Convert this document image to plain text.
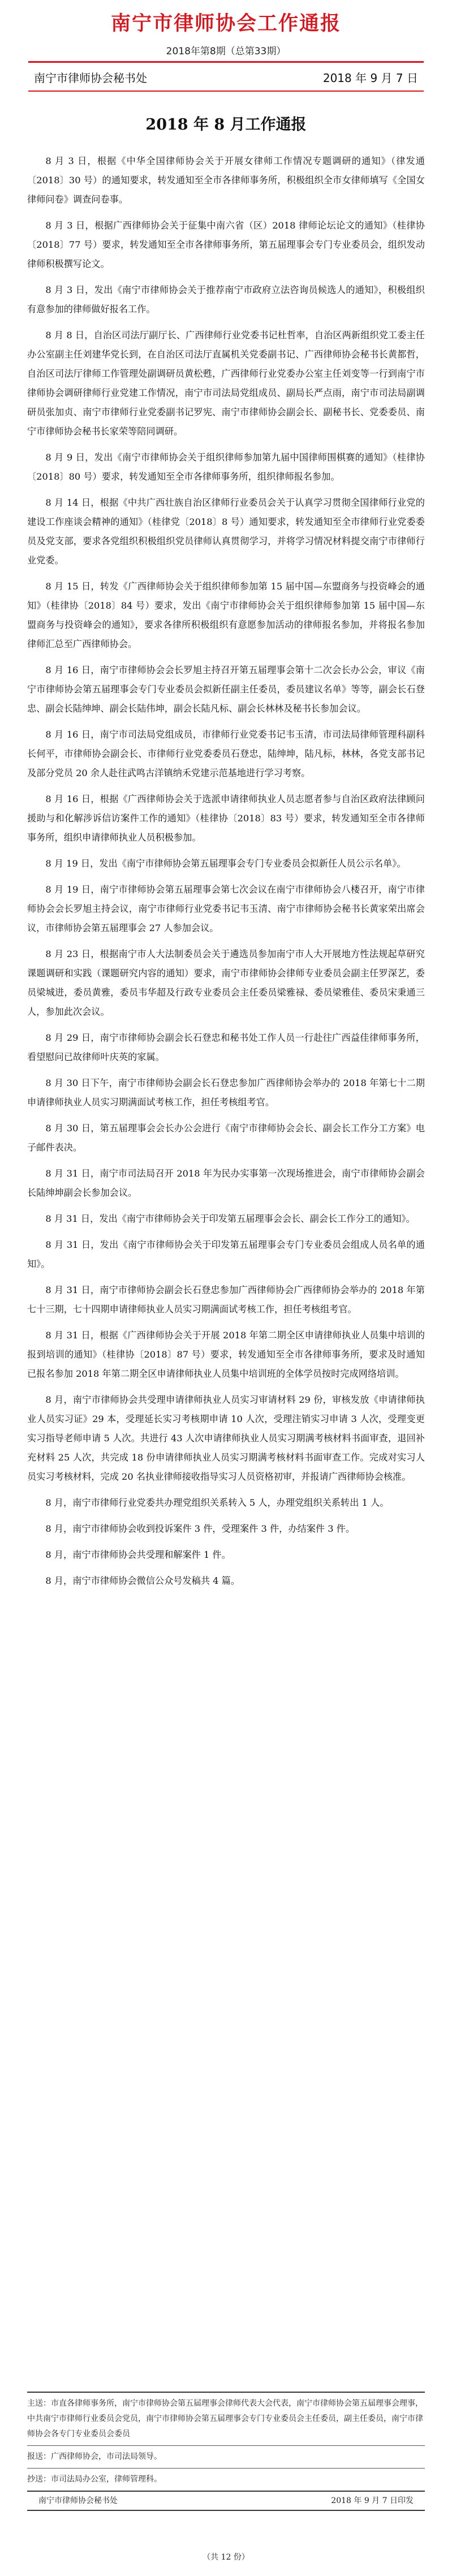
南宁市律师协会工作通报
2018年第8期（总第33期）
南宁市律师协会秘书处	2018 年 9 月 7 日
2018 年 8 月工作通报

8 月 3 日，根据《中华全国律师协会关于开展女律师工作情况专题调研的通知》（律发通〔2018〕30 号）的通知要求，转发通知至全市各律师事务所，积极组织全市女律师填写《全国女律师问卷》调查问卷事。

8 月 3 日，根据广西律师协会关于征集中南六省（区）2018 律师论坛论文的通知》（桂律协〔2018〕77 号）要求，转发通知至全市各律师事务所，第五届理事会专门专业委员会，组织发动律师积极撰写论文。

8 月 3 日，发出《南宁市律师协会关于推荐南宁市政府立法咨询员候选人的通知》，积极组织有意参加的律师做好报名工作。

8 月 8 日，自治区司法厅副厅长、广西律师行业党委书记杜哲率，自治区两新组织党工委主任办公室副主任刘建华党长到，在自治区司法厅直属机关党委副书记、广西律师协会秘书长黄都哲，自治区司法厅律师工作管理处副调研员黄松甦，广西律师行业党委办公室主任刘变等一行到南宁市律师协会调研律师行业党建工作情况，南宁市司法局党组成员、副局长严点雨，南宁市司法局副调研员张加贞、南宁市律师行业党委副书记罗宪、南宁市律师协会副会长、副秘书长、党委委员、南宁市律师协会秘书长家荣等陪同调研。

8 月 9 日，发出《南宁市律师协会关于组织律师参加第九届中国律师围棋赛的通知》（桂律协〔2018〕80 号）要求，转发通知至全市各律师事务所，组织律师报名参加。

8 月 14 日，根据《中共广西壮族自治区律师行业委员会关于认真学习贯彻全国律师行业党的建设工作座谈会精神的通知》（桂律党〔2018〕8 号）通知要求，转发通知至全市律师行业党委委员及党支部，要求各党组织积极组织党员律师认真贯彻学习，并将学习情况材料提交南宁市律师行业党委。

8 月 15 日，转发《广西律师协会关于组织律师参加第 15 届中国—东盟商务与投资峰会的通知》（桂律协〔2018〕84 号）要求，发出《南宁市律师协会关于组织律师参加第 15 届中国—东盟商务与投资峰会的通知》，要求各律所积极组织有意愿参加活动的律师报名参加，并将报名参加律师汇总至广西律师协会。

8 月 16 日，南宁市律师协会会长罗旭主持召开第五届理事会第十二次会长办公会，审议《南宁市律师协会第五届理事会专门专业委员会拟新任副主任委员，委员建议名单》等等，副会长石登忠、副会长陆绅坤、副会长陆伟坤，副会长陆凡标、副会长林林及秘书长参加会议。

8 月 16 日，南宁市司法局党组成员，市律师行业党委书记韦玉清，市司法局律师管理科副科长何平，市律师协会副会长、市律师行业党委委员石登忠，陆绅坤，陆凡标，林林，各党支部书记及部分党员 20 余人赴往武鸣古洋镇纳禾党建示范基地进行学习考察。

8 月 16 日，根据《广西律师协会关于选派申请律师执业人员志愿者参与自治区政府法律顾问援助与和化解涉诉信访案件工作的通知》（桂律协〔2018〕83 号）要求，转发通知至全市各律师事务所，组织申请律师执业人员积极参加。

8 月 19 日，发出《南宁市律师协会第五届理事会专门专业委员会拟新任人员公示名单》。

8 月 19 日，南宁市律师协会第五届理事会第七次会议在南宁市律师协会八楼召开，南宁市律师协会会长罗旭主持会议，南宁市律师行业党委书记韦玉清、南宁市律师协会秘书长黄家荣出席会议，市律师协会第五届理事会 27 人参加会议。

8 月 23 日，根据南宁市人大法制委员会关于遴选员参加南宁市人大开展地方性法规起草研究课题调研和实践（课题研究内容的通知）要求，南宁市律师协会律师专业委员会副主任罗深艺，委员梁城进，委员黄雅，委员韦华超及行政专业委员会主任委员梁雅禄、委员梁雅佳、委员宋秉通三人，参加此次会议。

8 月 29 日，南宁市律师协会副会长石登忠和秘书处工作人员一行赴往广西益佳律师事务所，看望慰问已故律师叶庆英的家属。

8 月 30 日下午，南宁市律师协会副会长石登忠参加广西律师协会举办的 2018 年第七十二期申请律师执业人员实习期满面试考核工作，担任考核组考官。

8 月 30 日，第五届理事会会长办公会进行《南宁市律师协会会长、副会长工作分工方案》电子邮件表决。

8 月 31 日，南宁市司法局召开 2018 年为民办实事第一次现场推进会，南宁市律师协会副会长陆绅坤副会长参加会议。

8 月 31 日，发出《南宁市律师协会关于印发第五届理事会会长、副会长工作分工的通知》。

8 月 31 日，发出《南宁市律师协会关于印发第五届理事会专门专业委员会组成人员名单的通知》。

8 月 31 日，南宁市律师协会副会长石登忠参加广西律师协会广西律师协会举办的 2018 年第七十三期，七十四期申请律师执业人员实习期满面试考核工作，担任考核组考官。

8 月 31 日，根据《广西律师协会关于开展 2018 年第二期全区申请律师执业人员集中培训的报到培训的通知》（桂律协〔2018〕87 号）要求，转发通知至全市各律师事务所，要求及时通知已报名参加 2018 年第二期全区申请律师执业人员集中培训班的全体学员按时完成网络培训。

8 月，南宁市律师协会共受理申请律师执业人员实习审请材料 29 份，审核发放《申请律师执业人员实习证》29 本，受理延长实习考核期申请 10 人次，受理注销实习申请 3 人次，受理变更实习指导老师申请 5 人次。共进行 43 人次申请律师执业人员实习期满考核材料书面审查，退回补充材料 25 人次，共完成 18 份申请律师执业人员实习期满考核材料书面审查工作。完成对实习人员实习考核材料，完成 20 名执业律师接收指导实习人员资格初审，并报请广西律师协会核准。

8 月，南宁市律师行业党委共办理党组织关系转入 5 人，办理党组织关系转出 1 人。

8 月，南宁市律师协会收到投诉案件 3 件，受理案件 3 件，办结案件 3 件。

8 月，南宁市律师协会共受理和解案件 1 件。

8 月，南宁市律师协会微信公众号发稿共 4 篇。

主送：市直各律师事务所，南宁市律师协会第五届理事会律师代表大会代表，南宁市律师协会第五届理事会理事，中共南宁市律师行业委员会党员，南宁市律师协会第五届理事会专门专业委员会主任委员，副主任委员，南宁市律师协会各专门专业委员会委员

报送：广西律师协会，市司法局领导。

抄送：市司法局办公室，律师管理科。

南宁市律师协会秘书处	2018 年 9 月 7 日印发
（共 12 份）
